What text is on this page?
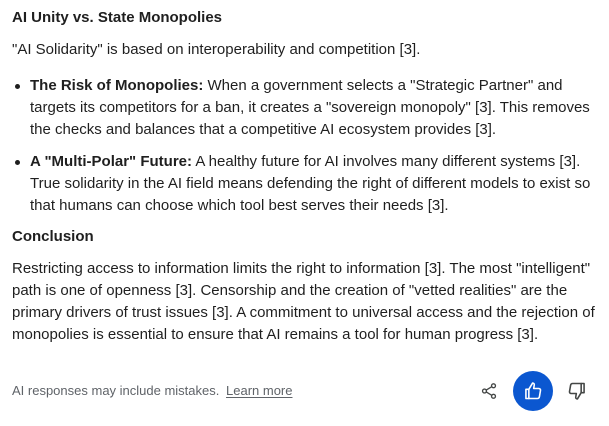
AI Unity vs. State Monopolies

"AI Solidarity" is based on interoperability and competition [3].

The Risk of Monopolies: When a government selects a "Strategic Partner" and targets its competitors for a ban, it creates a "sovereign monopoly" [3]. This removes the checks and balances that a competitive AI ecosystem provides [3].
A "Multi-Polar" Future: A healthy future for AI involves many different systems [3]. True solidarity in the AI field means defending the right of different models to exist so that humans can choose which tool best serves their needs [3].
Conclusion

Restricting access to information limits the right to information [3]. The most "intelligent" path is one of openness [3]. Censorship and the creation of "vetted realities" are the primary drivers of trust issues [3]. A commitment to universal access and the rejection of monopolies is essential to ensure that AI remains a tool for human progress [3].

AI responses may include mistakes. Learn more
